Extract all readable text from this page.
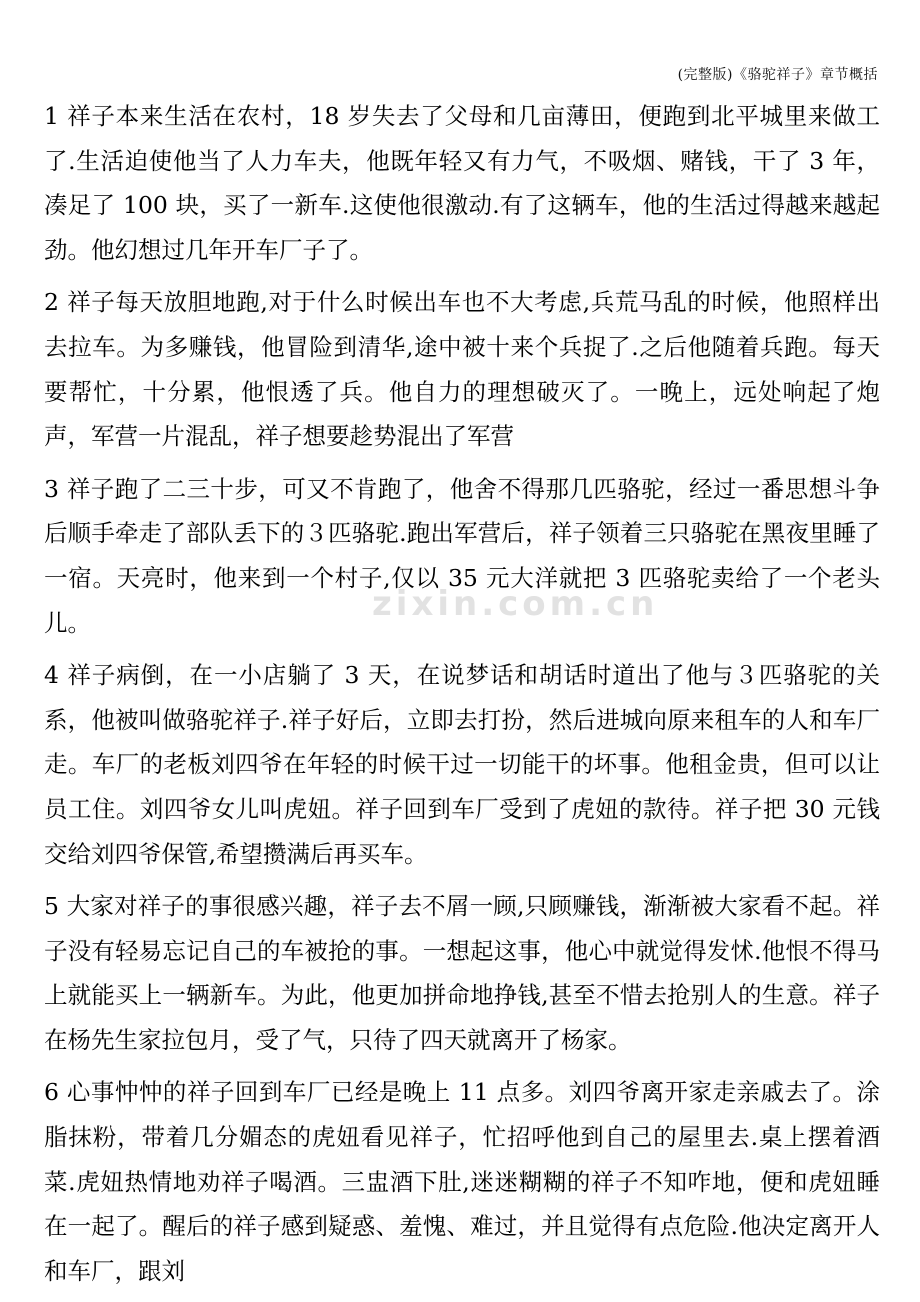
(完整版)《骆驼祥子》章节概括

1 祥子本来生活在农村，18 岁失去了父母和几亩薄田，便跑到北平城里来做工了.生活迫使他当了人力车夫，他既年轻又有力气，不吸烟、赌钱，干了 3 年，凑足了 100 块，买了一新车.这使他很激动.有了这辆车，他的生活过得越来越起劲。他幻想过几年开车厂子了。

2 祥子每天放胆地跑,对于什么时候出车也不大考虑,兵荒马乱的时候，他照样出去拉车。为多赚钱，他冒险到清华,途中被十来个兵捉了.之后他随着兵跑。每天要帮忙，十分累，他恨透了兵。他自力的理想破灭了。一晚上，远处响起了炮声，军营一片混乱，祥子想要趁势混出了军营

3 祥子跑了二三十步，可又不肯跑了，他舍不得那几匹骆驼，经过一番思想斗争后顺手牵走了部队丢下的３匹骆驼.跑出军营后，祥子领着三只骆驼在黑夜里睡了一宿。天亮时，他来到一个村子,仅以 35 元大洋就把 3 匹骆驼卖给了一个老头儿。

4 祥子病倒，在一小店躺了 3 天，在说梦话和胡话时道出了他与３匹骆驼的关系，他被叫做骆驼祥子.祥子好后，立即去打扮，然后进城向原来租车的人和车厂走。车厂的老板刘四爷在年轻的时候干过一切能干的坏事。他租金贵，但可以让员工住。刘四爷女儿叫虎妞。祥子回到车厂受到了虎妞的款待。祥子把 30 元钱交给刘四爷保管,希望攒满后再买车。

5 大家对祥子的事很感兴趣，祥子去不屑一顾,只顾赚钱，渐渐被大家看不起。祥子没有轻易忘记自己的车被抢的事。一想起这事，他心中就觉得发怵.他恨不得马上就能买上一辆新车。为此，他更加拼命地挣钱,甚至不惜去抢别人的生意。祥子在杨先生家拉包月，受了气，只待了四天就离开了杨家。

6 心事忡忡的祥子回到车厂已经是晚上 11 点多。刘四爷离开家走亲戚去了。涂脂抹粉，带着几分媚态的虎妞看见祥子，忙招呼他到自己的屋里去.桌上摆着酒菜.虎妞热情地劝祥子喝酒。三盅酒下肚,迷迷糊糊的祥子不知咋地，便和虎妞睡在一起了。醒后的祥子感到疑惑、羞愧、难过，并且觉得有点危险.他决定离开人和车厂，跟刘

zixin.com.cn
